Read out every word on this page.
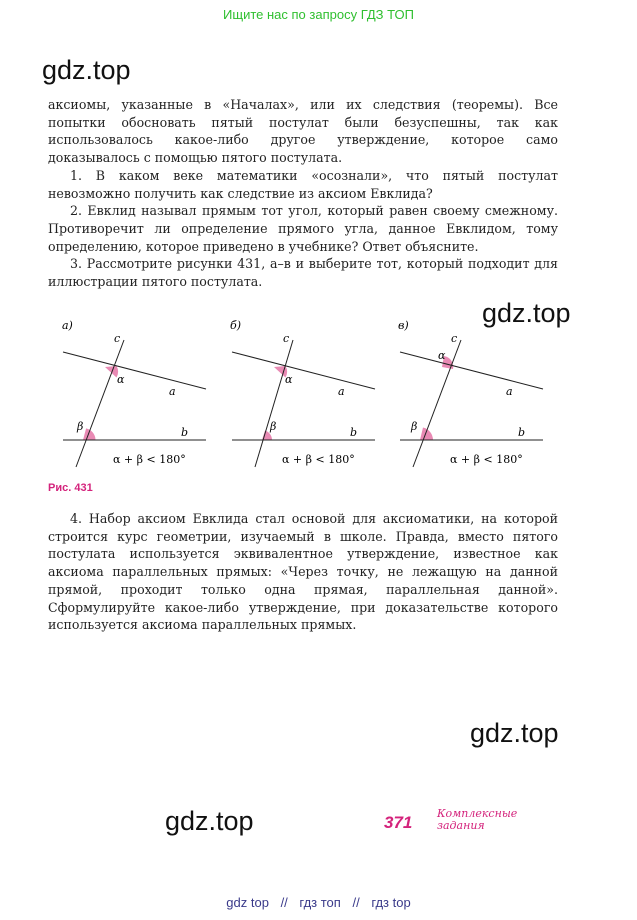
Ищите нас по запросу ГДЗ ТОП
gdz.top
gdz.top
gdz.top
gdz.top

аксиомы, указанные в «Началах», или их следствия (теоремы). Все попытки обосновать пятый постулат были безуспешны, так как использовалось какое-либо другое утверждение, которое само доказывалось с помощью пятого постулата.

1. В каком веке математики «осознали», что пятый постулат невозможно получить как следствие из аксиом Евклида?

2. Евклид называл прямым тот угол, который равен своему смежному. Противоречит ли определение прямого угла, данное Евклидом, тому определению, которое приведено в учебнике? Ответ объясните.

3. Рассмотрите рисунки 431, а–в и выберите тот, который подходит для иллюстрации пятого постулата.

а)
c
α
a
β	b
α + β < 180°
б)
c
α
a
β	b
α + β < 180°
в)
c
α
a
β	b
α + β < 180°
Рис. 431

4. Набор аксиом Евклида стал основой для аксиоматики, на которой строится курс геометрии, изучаемый в школе. Правда, вместо пятого постулата используется эквивалентное утверждение, известное как аксиома параллельных прямых: «Через точку, не лежащую на данной прямой, проходит только одна прямая, параллельная данной». Сформулируйте какое-либо утверждение, при доказательстве которого используется аксиома параллельных прямых.

371 Комплексные
задания
gdz top // гдз топ // гдз top
